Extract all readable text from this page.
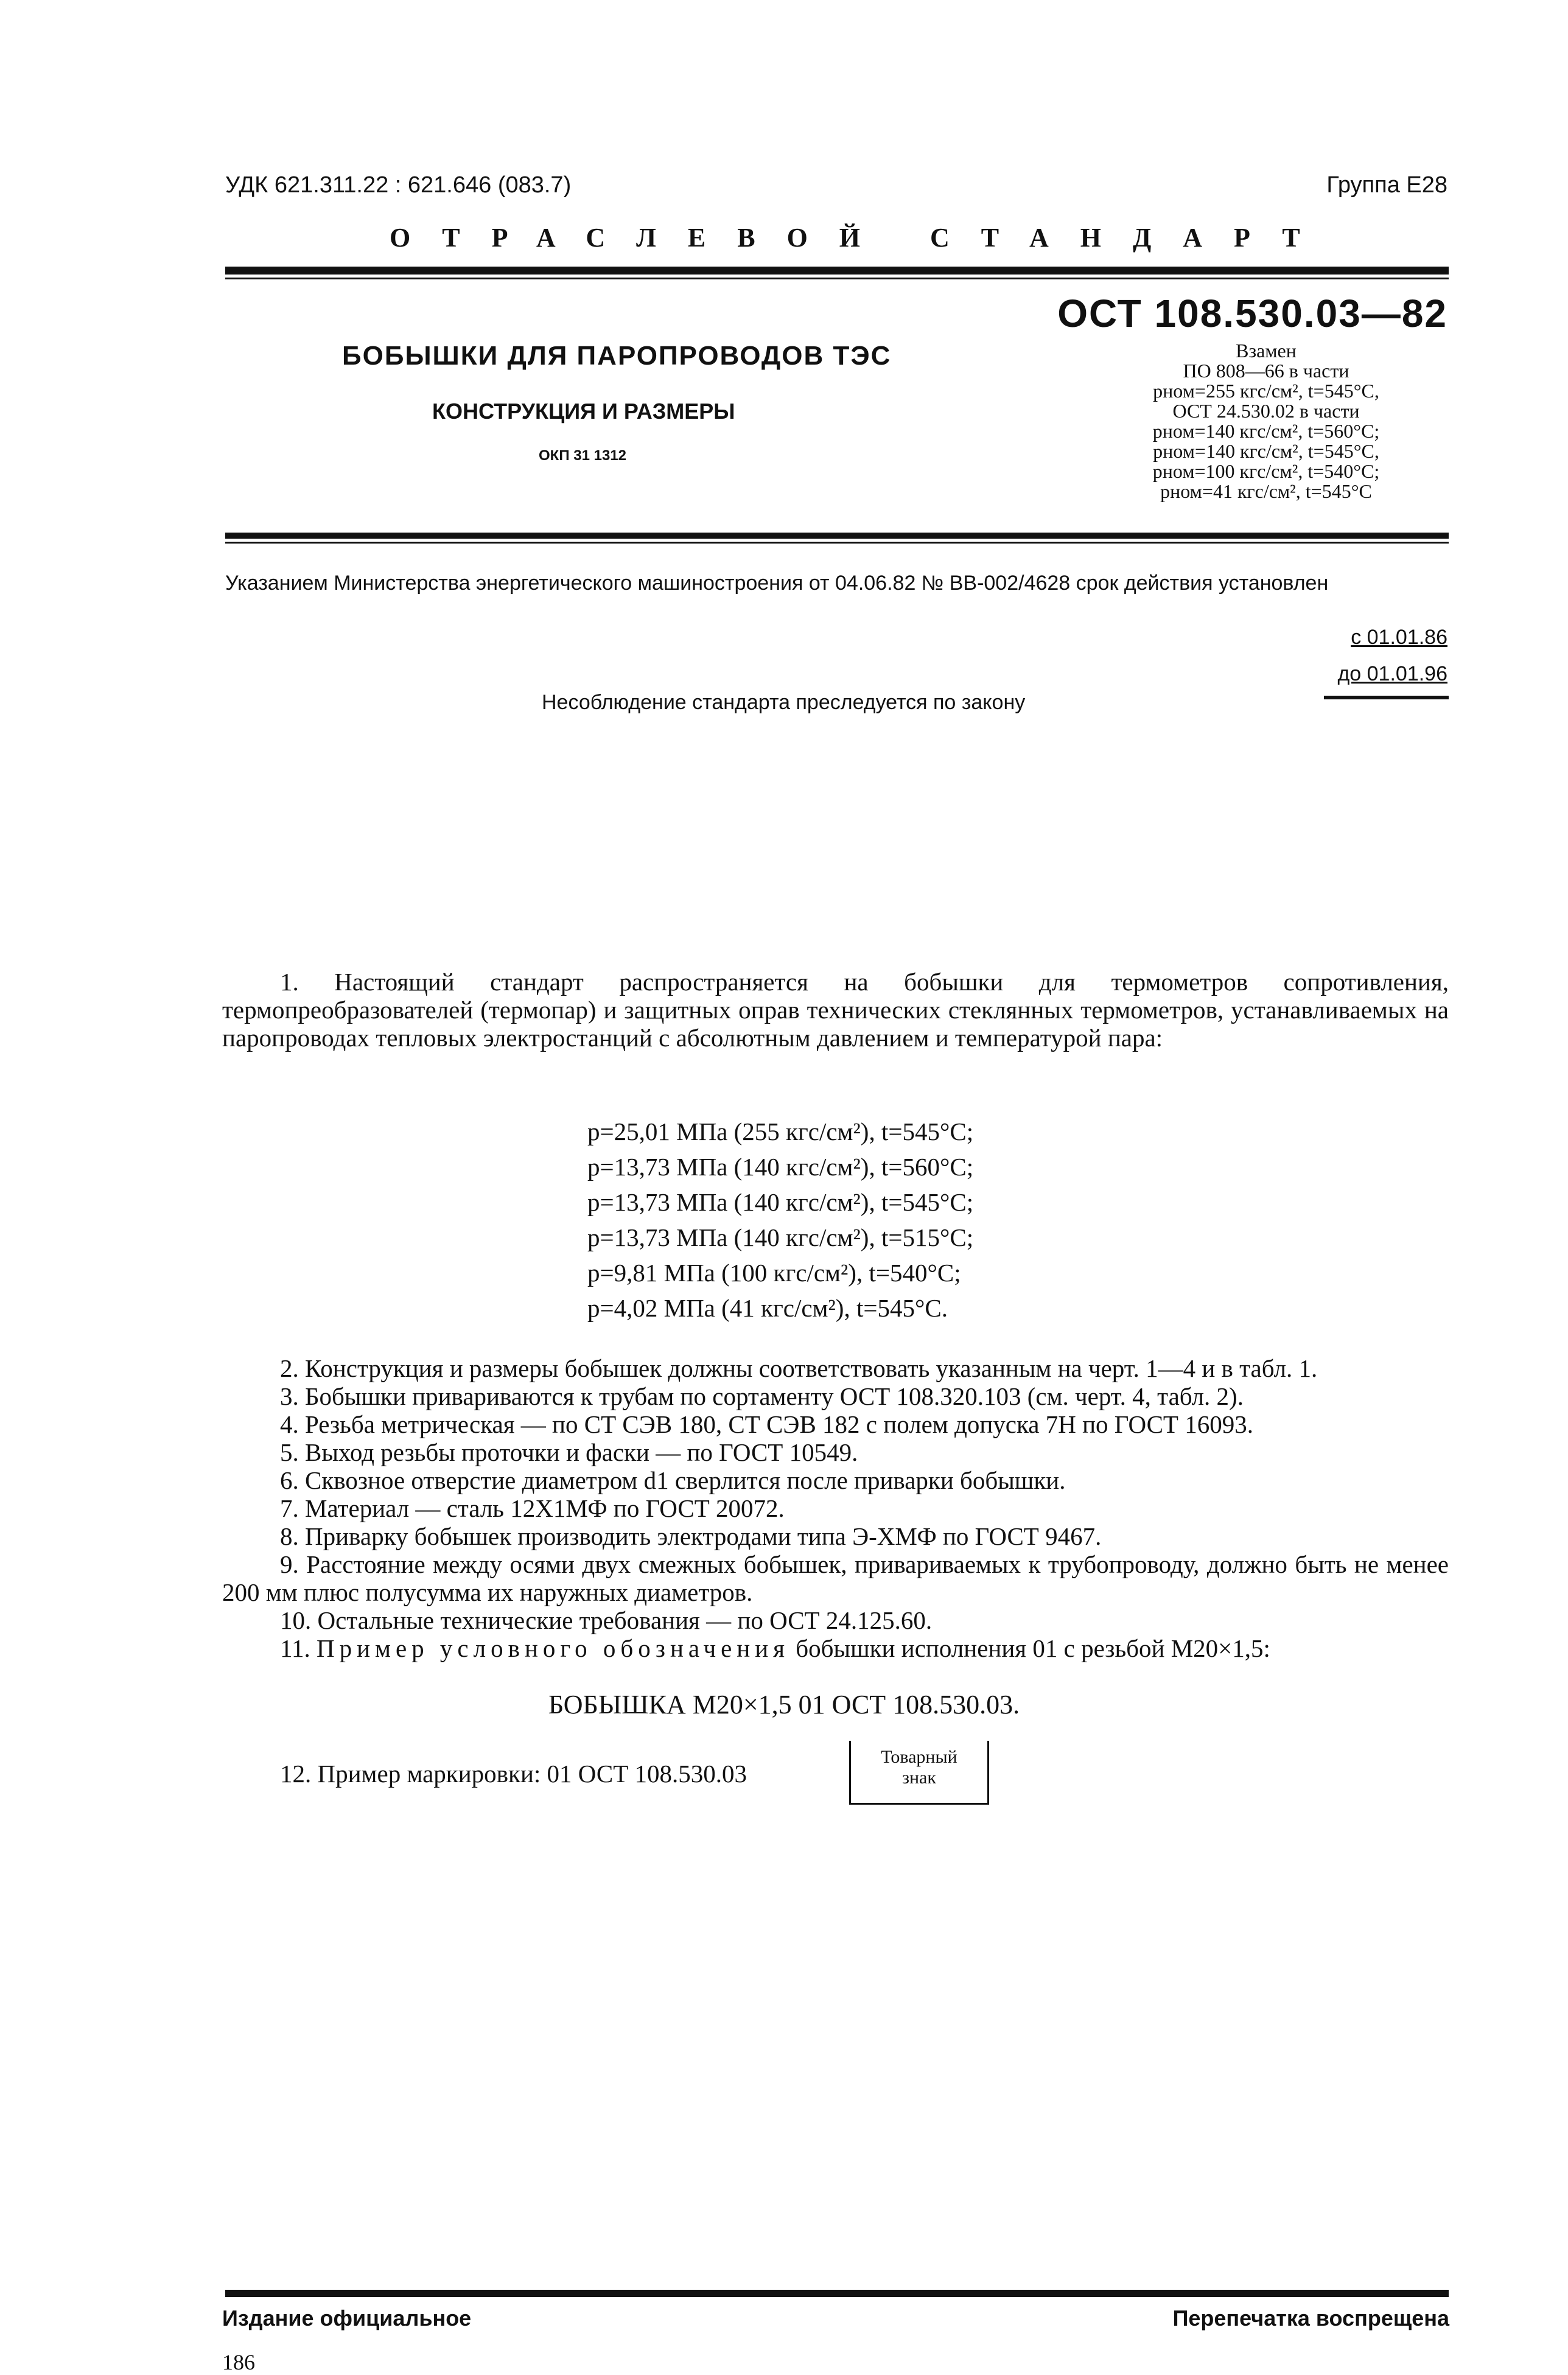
УДК 621.311.22 : 621.646 (083.7)	Группа E28
ОТРАСЛЕВОЙ СТАНДАРТ
ОСТ 108.530.03—82
БОБЫШКИ ДЛЯ ПАРОПРОВОДОВ ТЭС
КОНСТРУКЦИЯ И РАЗМЕРЫ
ОКП 31 1312
Взамен
ПО 808—66 в части
pном=255 кгс/см², t=545°C,
ОСТ 24.530.02 в части
pном=140 кгс/см², t=560°C;
pном=140 кгс/см², t=545°C,
pном=100 кгс/см², t=540°C;
pном=41 кгс/см², t=545°C
Указанием Министерства энергетического машиностроения от 04.06.82 № ВВ-002/4628 срок действия установлен
с 01.01.86
до 01.01.96
Несоблюдение стандарта преследуется по закону

1. Настоящий стандарт распространяется на бобышки для термометров сопротивления, термопреобразователей (термопар) и защитных оправ технических стеклянных термометров, устанавливаемых на паропроводах тепловых электростанций с абсолютным давлением и температурой пара:

p=25,01 МПа (255 кгс/см²), t=545°C;
p=13,73 МПа (140 кгс/см²), t=560°C;
p=13,73 МПа (140 кгс/см²), t=545°C;
p=13,73 МПа (140 кгс/см²), t=515°C;
p=9,81 МПа (100 кгс/см²), t=540°C;
p=4,02 МПа (41 кгс/см²), t=545°C.

2. Конструкция и размеры бобышек должны соответствовать указанным на черт. 1—4 и в табл. 1.

3. Бобышки привариваются к трубам по сортаменту ОСТ 108.320.103 (см. черт. 4, табл. 2).

4. Резьба метрическая — по СТ СЭВ 180, СТ СЭВ 182 с полем допуска 7H по ГОСТ 16093.

5. Выход резьбы проточки и фаски — по ГОСТ 10549.

6. Сквозное отверстие диаметром d1 сверлится после приварки бобышки.

7. Материал — сталь 12Х1МФ по ГОСТ 20072.

8. Приварку бобышек производить электродами типа Э-ХМФ по ГОСТ 9467.

9. Расстояние между осями двух смежных бобышек, привариваемых к трубопроводу, должно быть не менее 200 мм плюс полусумма их наружных диаметров.

10. Остальные технические требования — по ОСТ 24.125.60.

11. Пример условного обозначения бобышки исполнения 01 с резьбой М20×1,5:

БОБЫШКА М20×1,5 01 ОСТ 108.530.03.
12. Пример маркировки: 01 ОСТ 108.530.03
Товарный
знак
Издание официальное	Перепечатка воспрещена
186
